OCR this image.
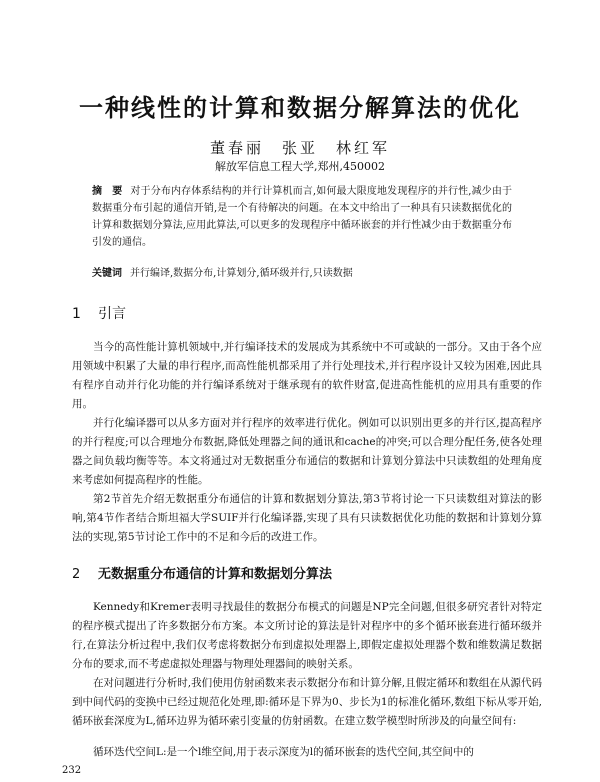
一种线性的计算和数据分解算法的优化
董春丽　张亚　林红军
解放军信息工程大学,郑州,450002
摘　要 对于分布内存体系结构的并行计算机而言,如何最大限度地发现程序的并行性,减少由于数据重分布引起的通信开销,是一个有待解决的问题。在本文中给出了一种具有只读数据优化的计算和数据划分算法,应用此算法,可以更多的发现程序中循环嵌套的并行性减少由于数据重分布引发的通信。
关键词 并行编译,数据分布,计算划分,循环级并行,只读数据
1 引言
当今的高性能计算机领域中,并行编译技术的发展成为其系统中不可或缺的一部分。又由于各个应用领域中积累了大量的串行程序,而高性能机都采用了并行处理技术,并行程序设计又较为困难,因此具有程序自动并行化功能的并行编译系统对于继承现有的软件财富,促进高性能机的应用具有重要的作用。
并行化编译器可以从多方面对并行程序的效率进行优化。例如可以识别出更多的并行区,提高程序的并行程度;可以合理地分布数据,降低处理器之间的通讯和cache的冲突;可以合理分配任务,使各处理器之间负载均衡等等。本文将通过对无数据重分布通信的数据和计算划分算法中只读数组的处理角度来考虑如何提高程序的性能。
第2节首先介绍无数据重分布通信的计算和数据划分算法,第3节将讨论一下只读数组对算法的影响,第4节作者结合斯坦福大学SUIF并行化编译器,实现了具有只读数据优化功能的数据和计算划分算法的实现,第5节讨论工作中的不足和今后的改进工作。
2 无数据重分布通信的计算和数据划分算法
Kennedy和Kremer表明寻找最佳的数据分布模式的问题是NP完全问题,但很多研究者针对特定的程序模式提出了许多数据分布方案。本文所讨论的算法是针对程序中的多个循环嵌套进行循环级并行,在算法分析过程中,我们仅考虑将数据分布到虚拟处理器上,即假定虚拟处理器个数和维数满足数据分布的要求,而不考虑虚拟处理器与物理处理器间的映射关系。
在对问题进行分析时,我们使用仿射函数来表示数据分布和计算分解,且假定循环和数组在从源代码到中间代码的变换中已经过规范化处理,即:循环是下界为0、步长为1的标准化循环,数组下标从零开始,循环嵌套深度为L,循环边界为循环索引变量的仿射函数。在建立数学模型时所涉及的向量空间有:
循环迭代空间L:是一个l维空间,用于表示深度为l的循环嵌套的迭代空间,其空间中的
232
